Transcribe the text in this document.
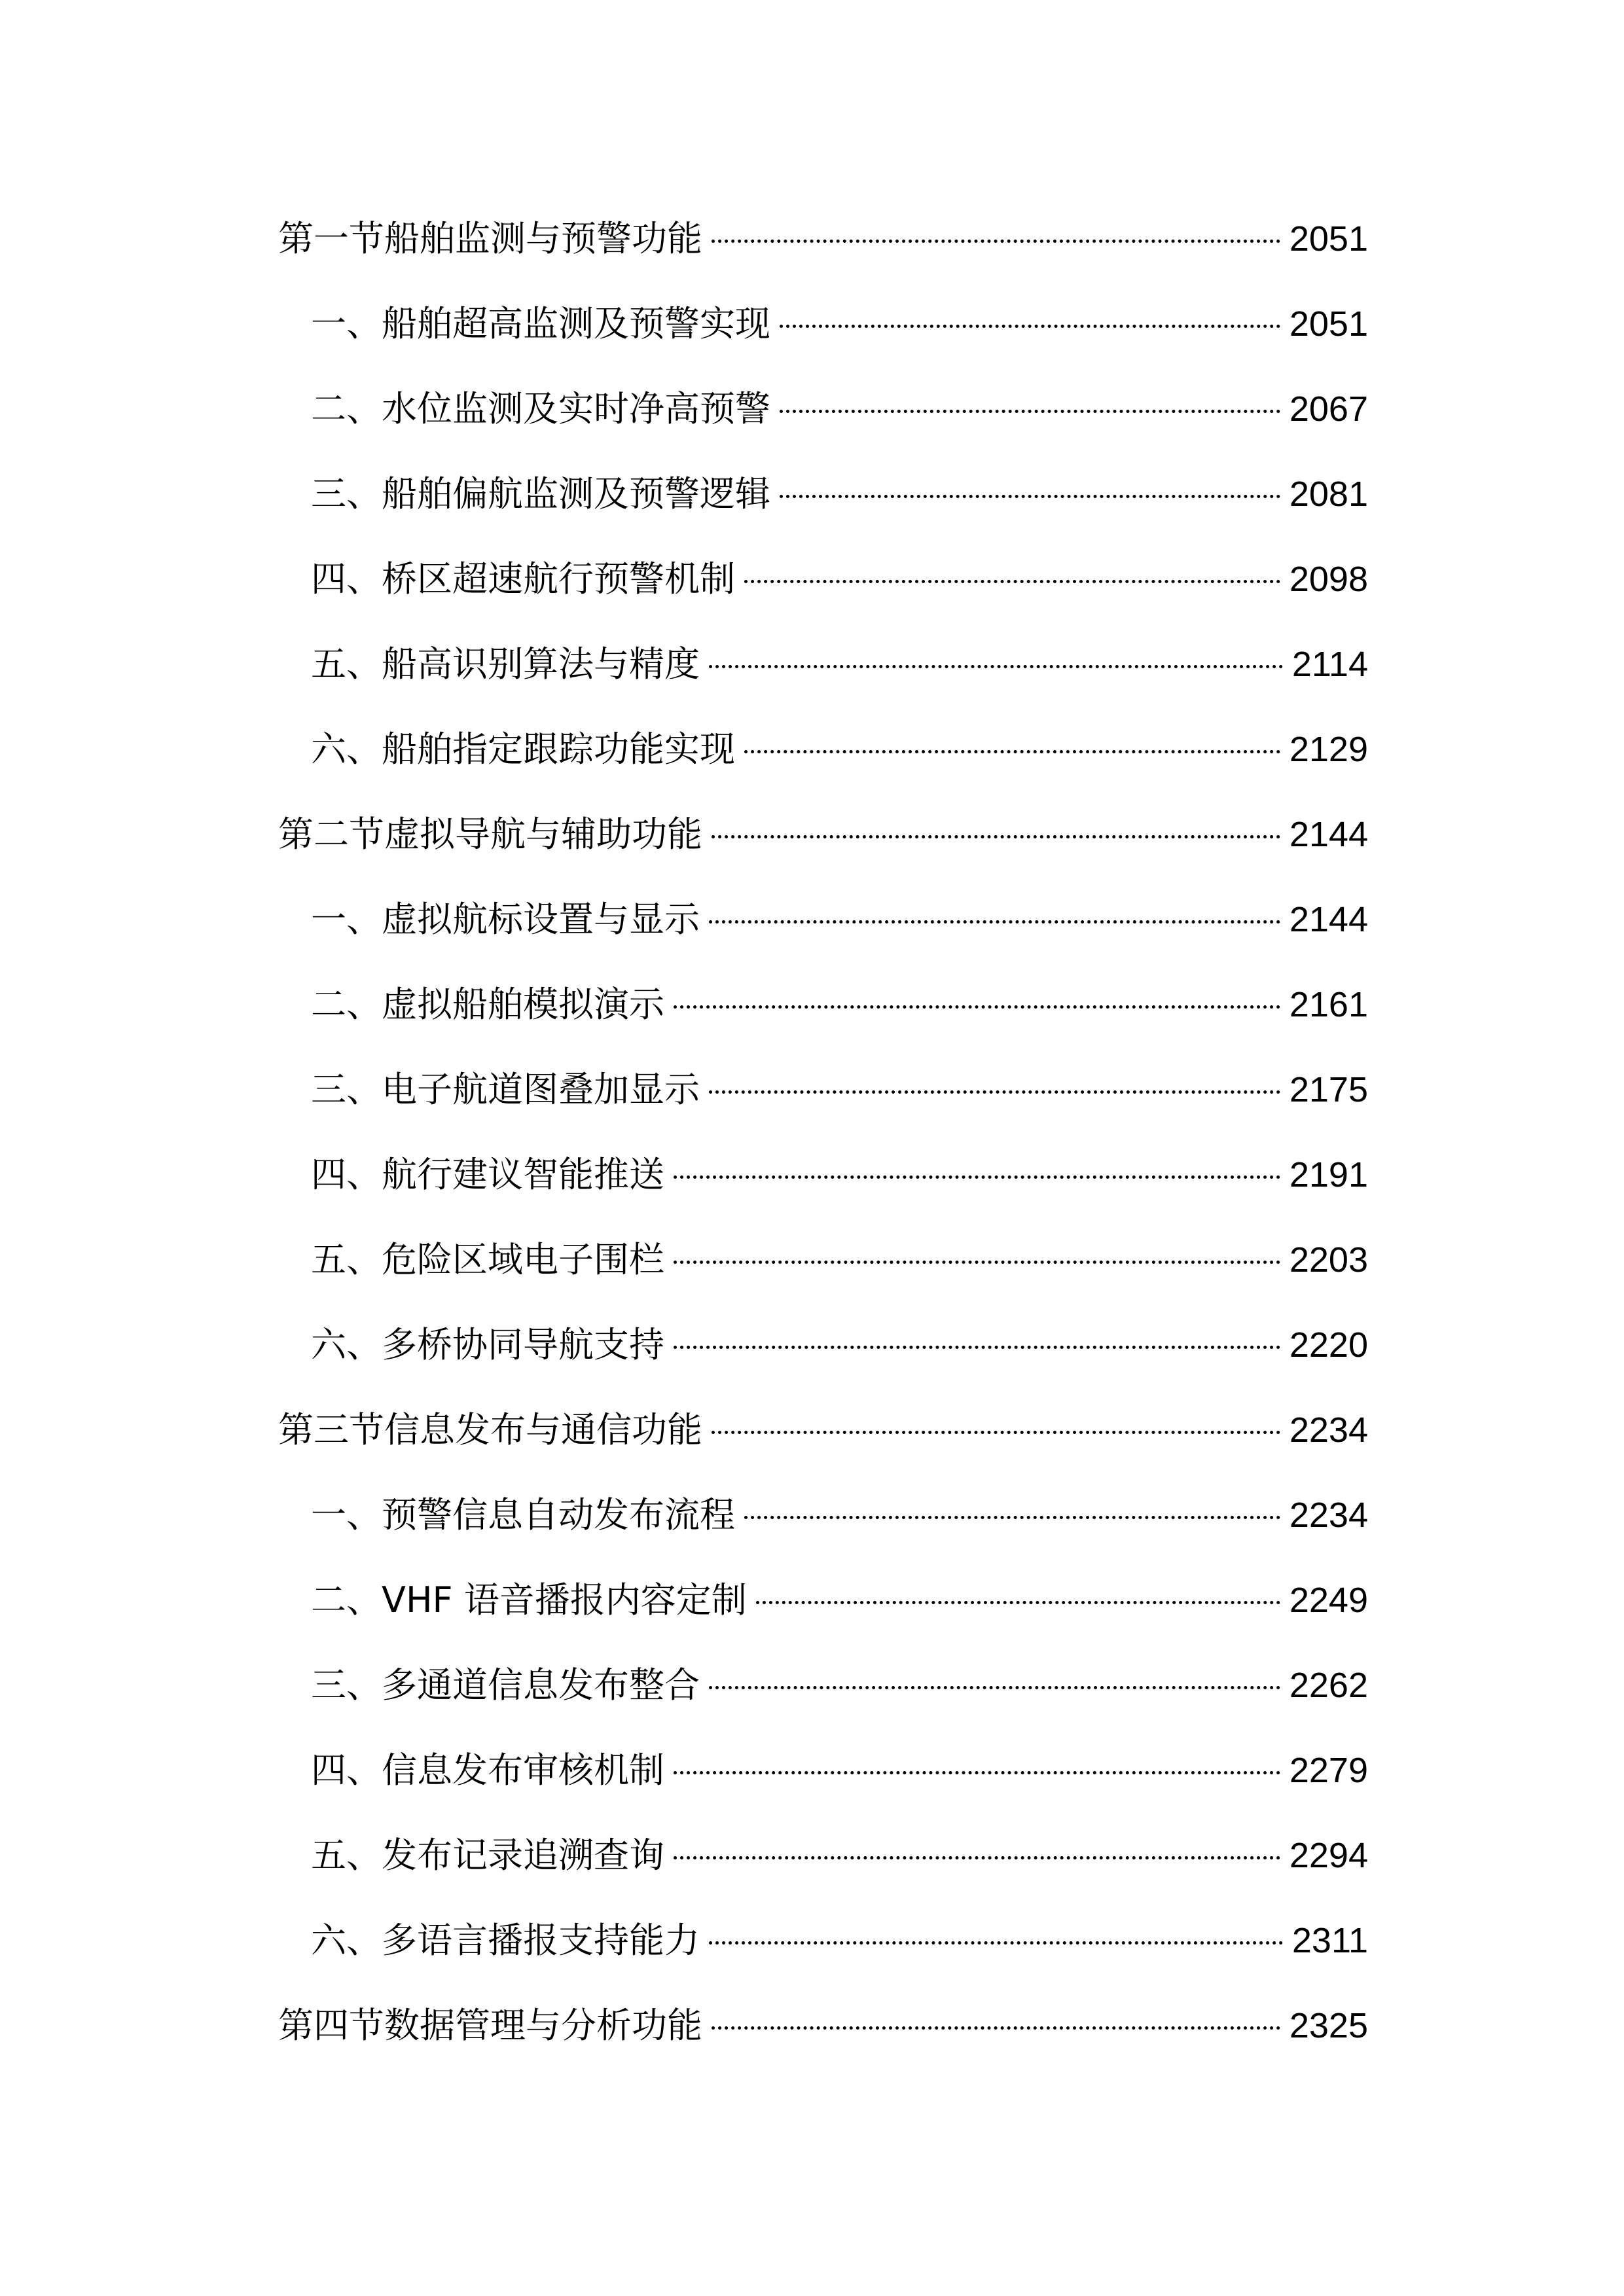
第一节船舶监测与预警功能	2051
一、船舶超高监测及预警实现	2051
二、水位监测及实时净高预警	2067
三、船舶偏航监测及预警逻辑	2081
四、桥区超速航行预警机制	2098
五、船高识别算法与精度	2114
六、船舶指定跟踪功能实现	2129
第二节虚拟导航与辅助功能	2144
一、虚拟航标设置与显示	2144
二、虚拟船舶模拟演示	2161
三、电子航道图叠加显示	2175
四、航行建议智能推送	2191
五、危险区域电子围栏	2203
六、多桥协同导航支持	2220
第三节信息发布与通信功能	2234
一、预警信息自动发布流程	2234
二、VHF 语音播报内容定制	2249
三、多通道信息发布整合	2262
四、信息发布审核机制	2279
五、发布记录追溯查询	2294
六、多语言播报支持能力	2311
第四节数据管理与分析功能	2325
